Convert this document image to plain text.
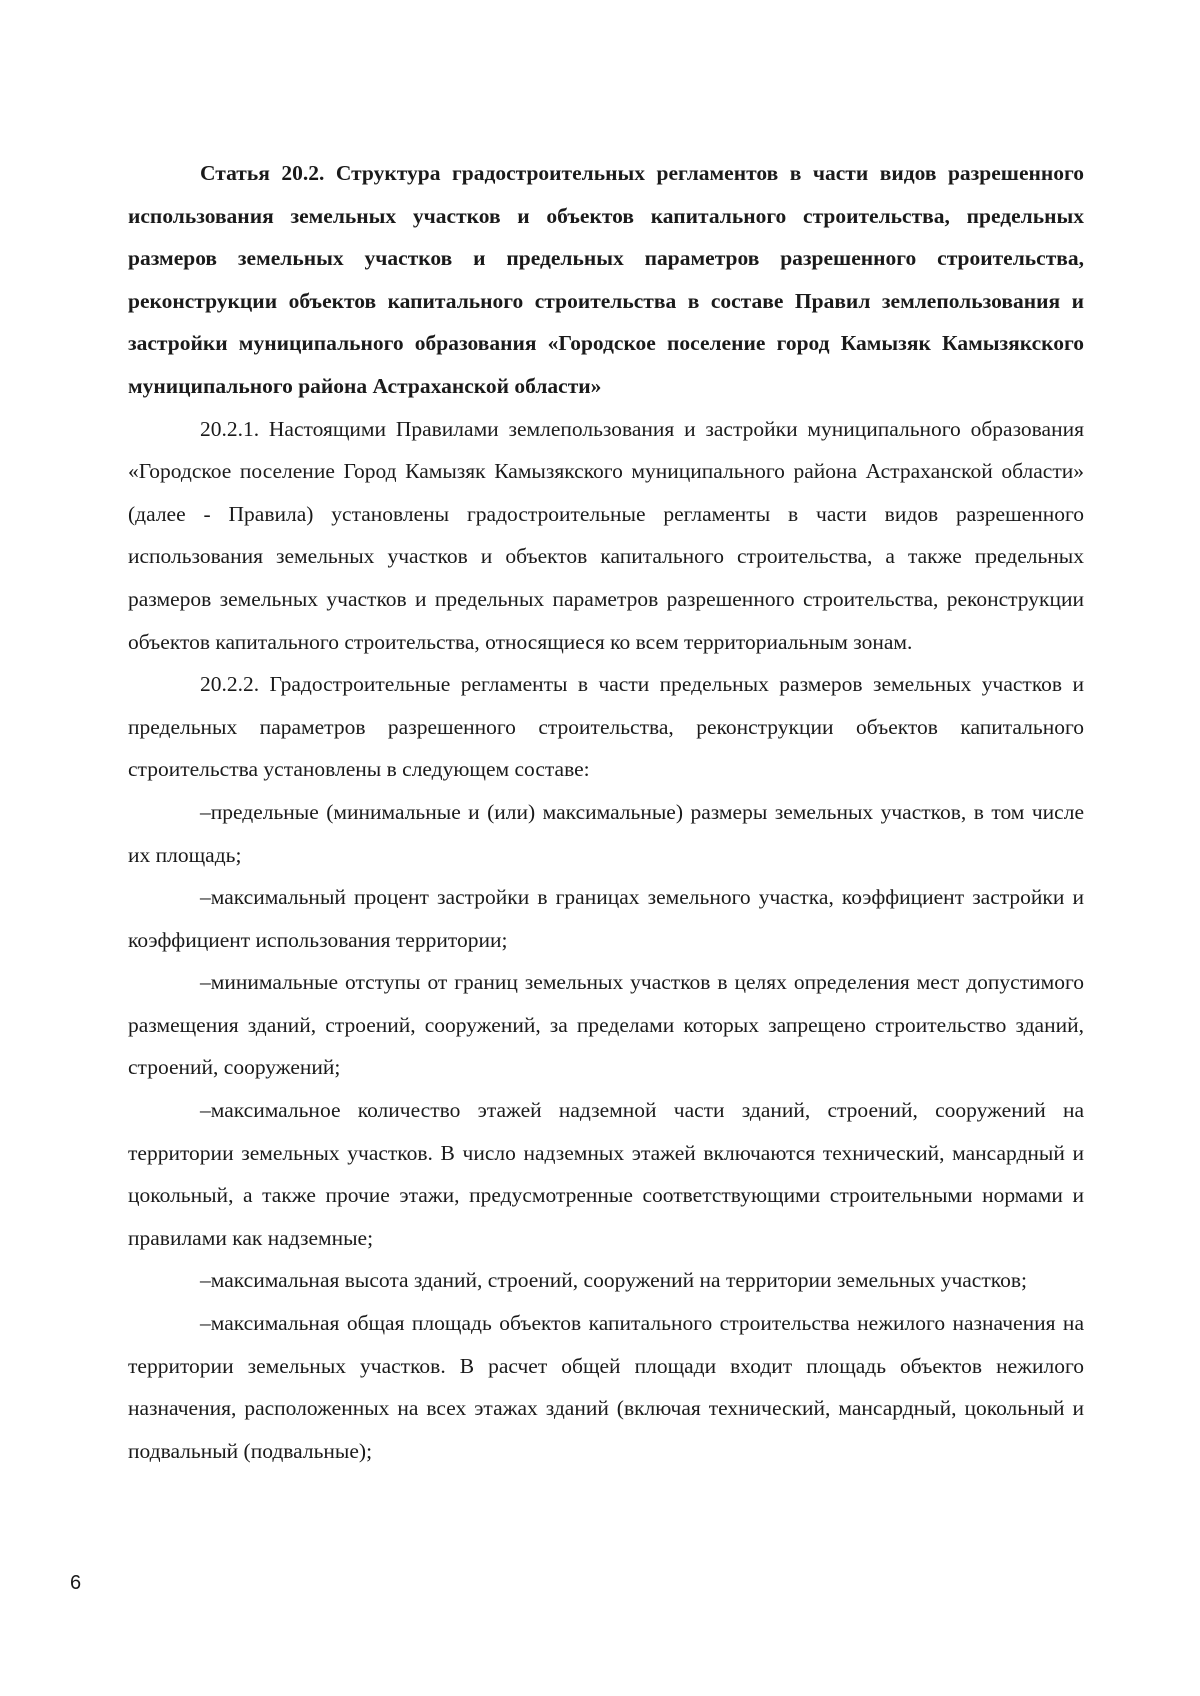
Статья 20.2. Структура градостроительных регламентов в части видов разрешенного использования земельных участков и объектов капитального строительства, предельных размеров земельных участков и предельных параметров разрешенного строительства, реконструкции объектов капитального строительства в составе Правил землепользования и застройки муниципального образования «Городское поселение город Камызяк Камызякского муниципального района Астраханской области»

20.2.1. Настоящими Правилами землепользования и застройки муниципального образования «Городское поселение Город Камызяк Камызякского муниципального района Астраханской области» (далее - Правила) установлены градостроительные регламенты в части видов разрешенного использования земельных участков и объектов капитального строительства, а также предельных размеров земельных участков и предельных параметров разрешенного строительства, реконструкции объектов капитального строительства, относящиеся ко всем территориальным зонам.

20.2.2. Градостроительные регламенты в части предельных размеров земельных участков и предельных параметров разрешенного строительства, реконструкции объектов капитального строительства установлены в следующем составе:

–предельные (минимальные и (или) максимальные) размеры земельных участков, в том числе их площадь;

–максимальный процент застройки в границах земельного участка, коэффициент застройки и коэффициент использования территории;

–минимальные отступы от границ земельных участков в целях определения мест допустимого размещения зданий, строений, сооружений, за пределами которых запрещено строительство зданий, строений, сооружений;

–максимальное количество этажей надземной части зданий, строений, сооружений на территории земельных участков. В число надземных этажей включаются технический, мансардный и цокольный, а также прочие этажи, предусмотренные соответствующими строительными нормами и правилами как надземные;

–максимальная высота зданий, строений, сооружений на территории земельных участков;

–максимальная общая площадь объектов капитального строительства нежилого назначения на территории земельных участков. В расчет общей площади входит площадь объектов нежилого назначения, расположенных на всех этажах зданий (включая технический, мансардный, цокольный и подвальный (подвальные);

6
